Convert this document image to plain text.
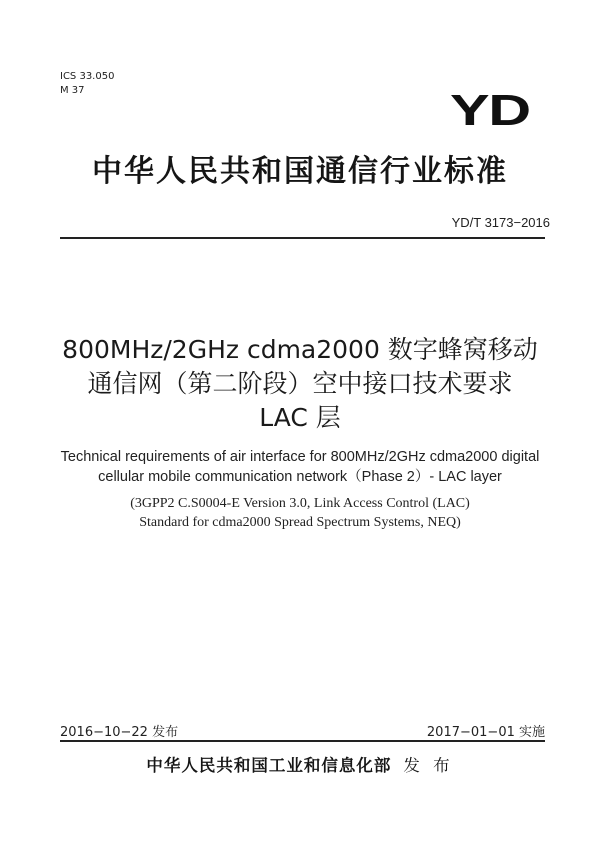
ICS 33.050
M 37	YD
中华人民共和国通信行业标准
YD/T 3173−2016
800MHz/2GHz cdma2000 数字蜂窝移动
通信网（第二阶段）空中接口技术要求
LAC 层
Technical requirements of air interface for 800MHz/2GHz cdma2000 digital
cellular mobile communication network（Phase 2）- LAC layer
(3GPP2 C.S0004-E Version 3.0, Link Access Control (LAC)
Standard for cdma2000 Spread Spectrum Systems, NEQ)
2016−10−22 发布	2017−01−01 实施
中华人民共和国工业和信息化部 发 布
